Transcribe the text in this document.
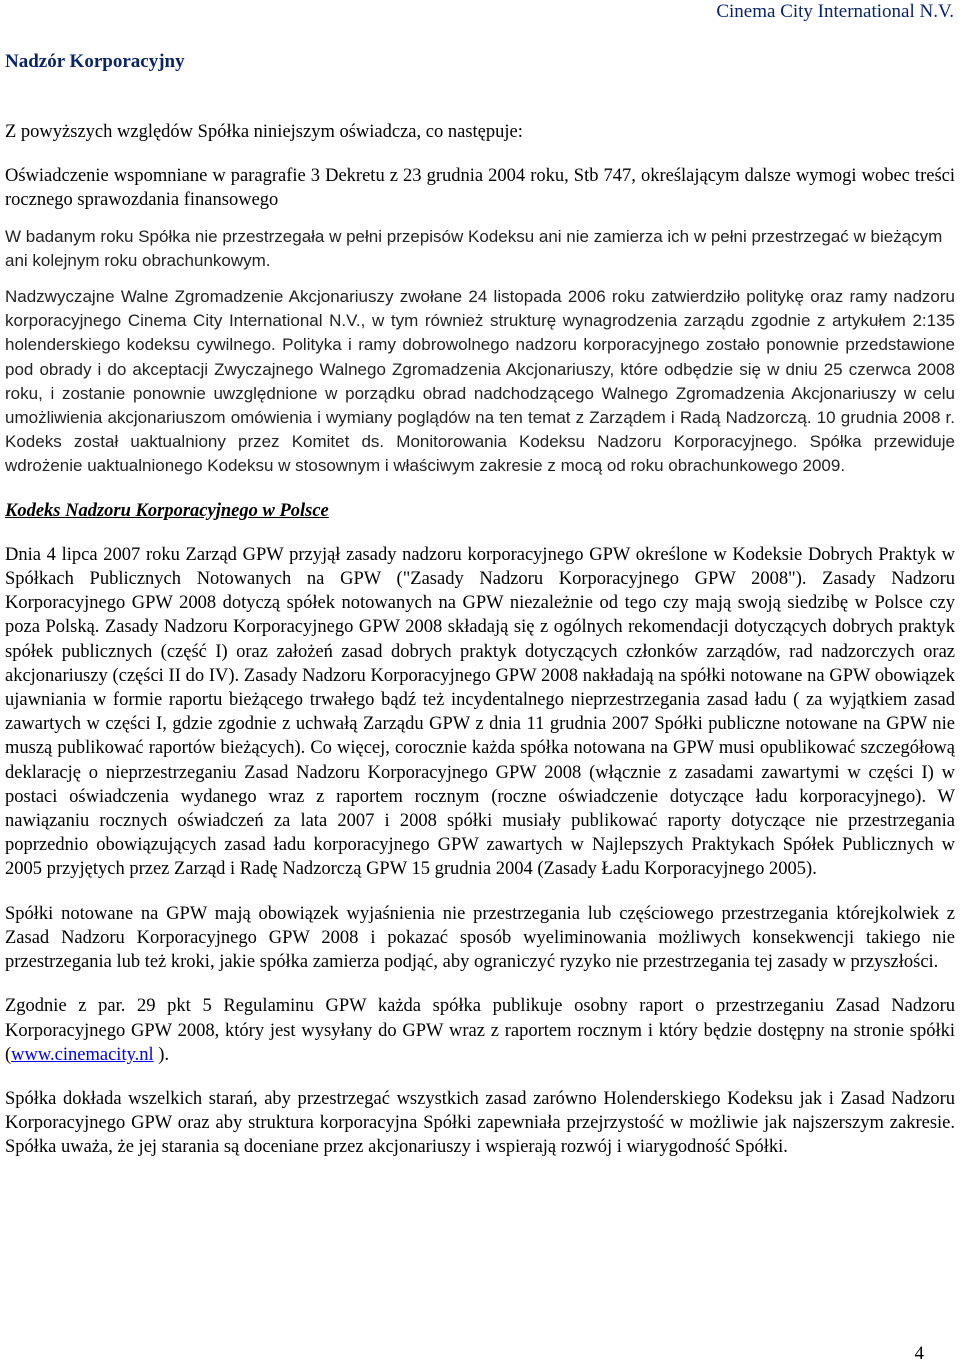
Cinema City International N.V.
Nadzór Korporacyjny

Z powyższych względów Spółka niniejszym oświadcza, co następuje:

Oświadczenie wspomniane w paragrafie 3 Dekretu z 23 grudnia 2004 roku, Stb 747, określającym dalsze wymogi wobec treści rocznego sprawozdania finansowego

W badanym roku Spółka nie przestrzegała w pełni przepisów Kodeksu ani nie zamierza ich w pełni przestrzegać w bieżącym ani kolejnym roku obrachunkowym.

Nadzwyczajne Walne Zgromadzenie Akcjonariuszy zwołane 24 listopada 2006 roku zatwierdziło politykę oraz ramy nadzoru korporacyjnego Cinema City International N.V., w tym również strukturę wynagrodzenia zarządu zgodnie z artykułem 2:135 holenderskiego kodeksu cywilnego. Polityka i ramy dobrowolnego nadzoru korporacyjnego zostało ponownie przedstawione pod obrady i do akceptacji Zwyczajnego Walnego Zgromadzenia Akcjonariuszy, które odbędzie się w dniu 25 czerwca 2008 roku, i zostanie ponownie uwzględnione w porządku obrad nadchodzącego Walnego Zgromadzenia Akcjonariuszy w celu umożliwienia akcjonariuszom omówienia i wymiany poglądów na ten temat z Zarządem i Radą Nadzorczą. 10 grudnia 2008 r. Kodeks został uaktualniony przez Komitet ds. Monitorowania Kodeksu Nadzoru Korporacyjnego. Spółka przewiduje wdrożenie uaktualnionego Kodeksu w stosownym i właściwym zakresie z mocą od roku obrachunkowego 2009.

Kodeks Nadzoru Korporacyjnego w Polsce

Dnia 4 lipca 2007 roku Zarząd GPW przyjął zasady nadzoru korporacyjnego GPW określone w Kodeksie Dobrych Praktyk w Spółkach Publicznych Notowanych na GPW ("Zasady Nadzoru Korporacyjnego GPW 2008"). Zasady Nadzoru Korporacyjnego GPW 2008 dotyczą spółek notowanych na GPW niezależnie od tego czy mają swoją siedzibę w Polsce czy poza Polską. Zasady Nadzoru Korporacyjnego GPW 2008 składają się z ogólnych rekomendacji dotyczących dobrych praktyk spółek publicznych (część I) oraz założeń zasad dobrych praktyk dotyczących członków zarządów, rad nadzorczych oraz akcjonariuszy (części II do IV). Zasady Nadzoru Korporacyjnego GPW 2008 nakładają na spółki notowane na GPW obowiązek ujawniania w formie raportu bieżącego trwałego bądź też incydentalnego nieprzestrzegania zasad ładu ( za wyjątkiem zasad zawartych w części I, gdzie zgodnie z uchwałą Zarządu GPW z dnia 11 grudnia 2007 Spółki publiczne notowane na GPW nie muszą publikować raportów bieżących). Co więcej, corocznie każda spółka notowana na GPW musi opublikować szczegółową deklarację o nieprzestrzeganiu Zasad Nadzoru Korporacyjnego GPW 2008 (włącznie z zasadami zawartymi w części I) w postaci oświadczenia wydanego wraz z raportem rocznym (roczne oświadczenie dotyczące ładu korporacyjnego). W nawiązaniu rocznych oświadczeń za lata 2007 i 2008 spółki musiały publikować raporty dotyczące nie przestrzegania poprzednio obowiązujących zasad ładu korporacyjnego GPW zawartych w Najlepszych Praktykach Spółek Publicznych w 2005 przyjętych przez Zarząd i Radę Nadzorczą GPW 15 grudnia 2004 (Zasady Ładu Korporacyjnego 2005).

Spółki notowane na GPW mają obowiązek wyjaśnienia nie przestrzegania lub częściowego przestrzegania którejkolwiek z Zasad Nadzoru Korporacyjnego GPW 2008 i pokazać sposób wyeliminowania możliwych konsekwencji takiego nie przestrzegania lub też kroki, jakie spółka zamierza podjąć, aby ograniczyć ryzyko nie przestrzegania tej zasady w przyszłości.

Zgodnie z par. 29 pkt 5 Regulaminu GPW każda spółka publikuje osobny raport o przestrzeganiu Zasad Nadzoru Korporacyjnego GPW 2008, który jest wysyłany do GPW wraz z raportem rocznym i który będzie dostępny na stronie spółki (www.cinemacity.nl ).

Spółka dokłada wszelkich starań, aby przestrzegać wszystkich zasad zarówno Holenderskiego Kodeksu jak i Zasad Nadzoru Korporacyjnego GPW oraz aby struktura korporacyjna Spółki zapewniała przejrzystość w możliwie jak najszerszym zakresie. Spółka uważa, że jej starania są doceniane przez akcjonariuszy i wspierają rozwój i wiarygodność Spółki.

4
